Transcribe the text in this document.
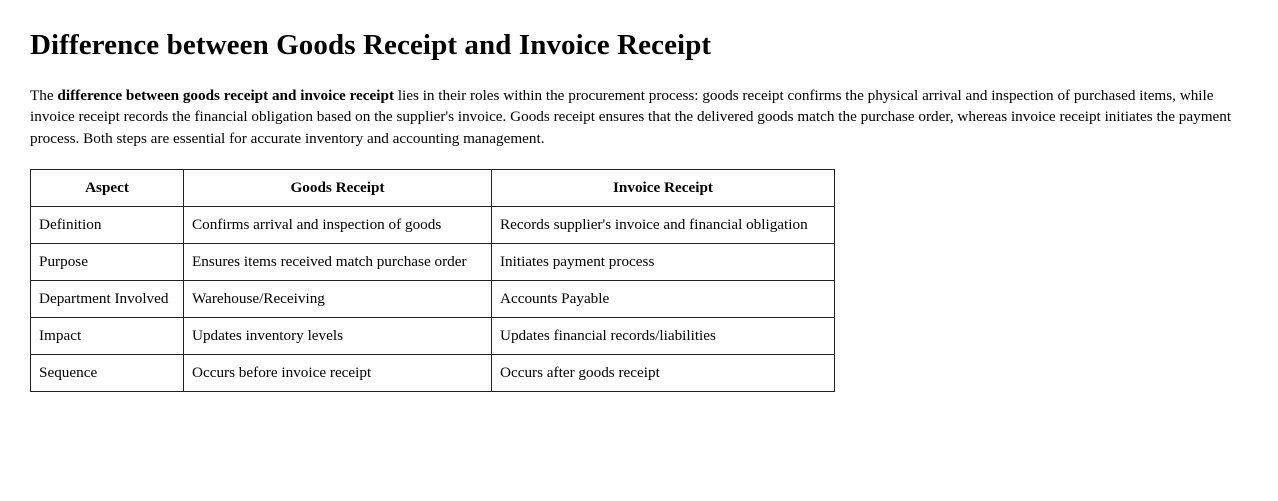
Difference between Goods Receipt and Invoice Receipt

The difference between goods receipt and invoice receipt lies in their roles within the procurement process: goods receipt confirms the physical arrival and inspection of purchased items, while invoice receipt records the financial obligation based on the supplier's invoice. Goods receipt ensures that the delivered goods match the purchase order, whereas invoice receipt initiates the payment process. Both steps are essential for accurate inventory and accounting management.

Aspect	Goods Receipt	Invoice Receipt
Definition	Confirms arrival and inspection of goods	Records supplier's invoice and financial obligation
Purpose	Ensures items received match purchase order	Initiates payment process
Department Involved	Warehouse/Receiving	Accounts Payable
Impact	Updates inventory levels	Updates financial records/liabilities
Sequence	Occurs before invoice receipt	Occurs after goods receipt
